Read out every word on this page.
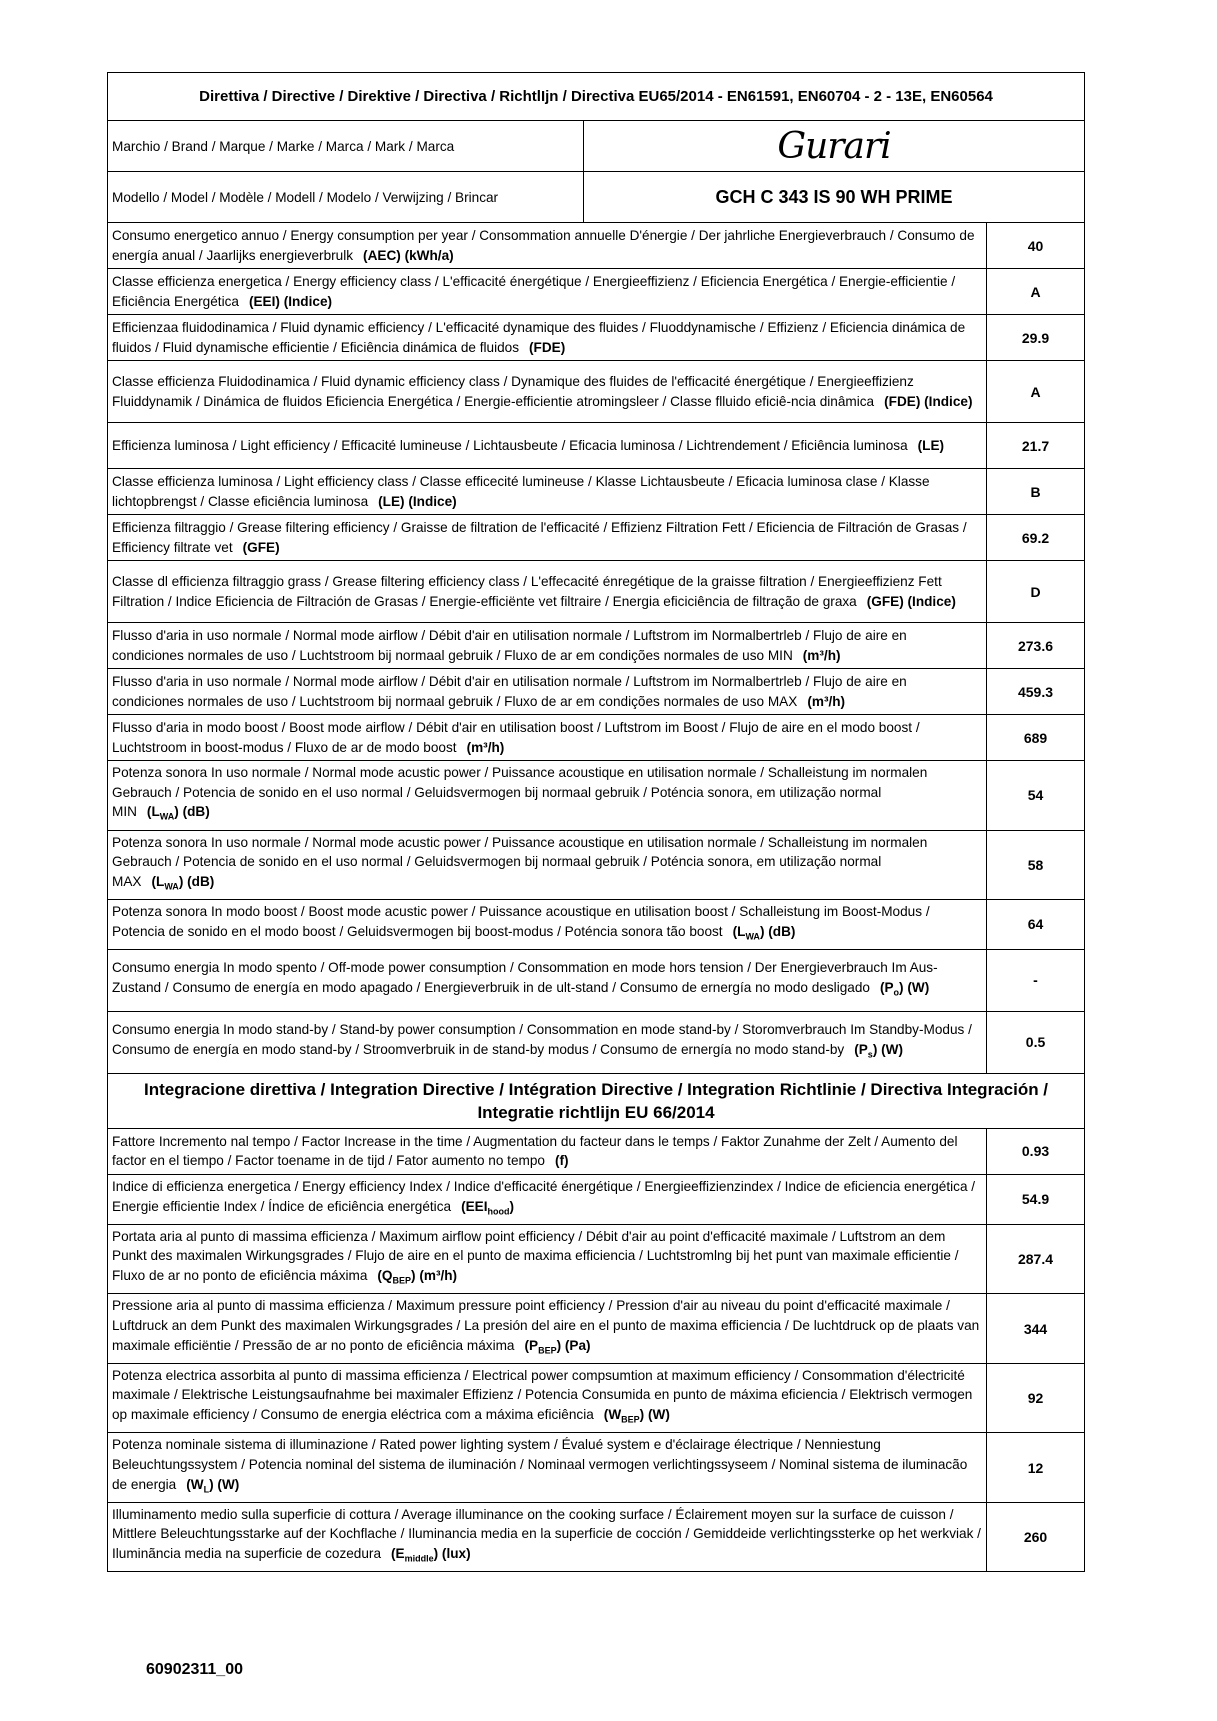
Direttiva / Directive / Direktive / Directiva / RichtlIjn / Directiva EU65/2014 - EN61591, EN60704 - 2 - 13E, EN60564		
Marchio / Brand / Marque / Marke / Marca / Mark / Marca	Gurari	
Modello / Model / Modèle / Modell / Modelo / Verwijzing / Brincar	GCH C 343 IS 90 WH PRIME	
Consumo energetico annuo / Energy consumption per year / Consommation annuelle D'énergie / Der jahrliche Energieverbrauch / Consumo de energía anual / Jaarlijks energieverbrulk (AEC) (kWh/a)		40
Classe efficienza energetica / Energy efficiency class / L'efficacité énergétique / Energieeffizienz / Eficiencia Energética / Energie-efficientie / Eficiência Energética (EEI) (Indice)		A
Efficienzaa fluidodinamica / Fluid dynamic efficiency / L'efficacité dynamique des fluides / Fluoddynamische / Effizienz / Eficiencia dinámica de fluidos / Fluid dynamische efficientie / Eficiência dinámica de fluidos (FDE)		29.9
Classe efficienza Fluidodinamica / Fluid dynamic efficiency class / Dynamique des fluides de l'efficacité énergétique / Energieeffizienz Fluiddynamik / Dinámica de fluidos Eficiencia Energética / Energie-efficientie atromingsleer / Classe flluido eficiê-ncia dinâmica (FDE) (Indice)		A
Efficienza luminosa / Light efficiency / Efficacité lumineuse / Lichtausbeute / Eficacia luminosa / Lichtrendement / Eficiência luminosa (LE)		21.7
Classe efficienza luminosa / Light efficiency class / Classe efficecité lumineuse / Klasse Lichtausbeute / Eficacia luminosa clase / Klasse lichtopbrengst / Classe eficiência luminosa (LE) (Indice)		B
Efficienza filtraggio / Grease filtering efficiency / Graisse de filtration de l'efficacité / Effizienz Filtration Fett / Eficiencia de Filtración de Grasas / Efficiency filtrate vet (GFE)		69.2
Classe dl efficienza filtraggio grass / Grease filtering efficiency class / L'effecacité énregétique de la graisse filtration / Energieeffizienz Fett Filtration / Indice Eficiencia de Filtración de Grasas / Energie-efficiënte vet filtraire / Energia eficiciência de filtração de graxa (GFE) (Indice)		D
Flusso d'aria in uso normale / Normal mode airflow / Débit d'air en utilisation normale / Luftstrom im Normalbertrleb / Flujo de aire en condiciones normales de uso / Luchtstroom bij normaal gebruik / Fluxo de ar em condições normales de uso MIN (m³/h)		273.6
Flusso d'aria in uso normale / Normal mode airflow / Débit d'air en utilisation normale / Luftstrom im Normalbertrleb / Flujo de aire en condiciones normales de uso / Luchtstroom bij normaal gebruik / Fluxo de ar em condições normales de uso MAX (m³/h)		459.3
Flusso d'aria in modo boost / Boost mode airflow / Débit d'air en utilisation boost / Luftstrom im Boost / Flujo de aire en el modo boost / Luchtstroom in boost-modus / Fluxo de ar de modo boost (m³/h)		689
Potenza sonora In uso normale / Normal mode acustic power / Puissance acoustique en utilisation normale / Schalleistung im normalen Gebrauch / Potencia de sonido en el uso normal / Geluidsvermogen bij normaal gebruik / Poténcia sonora, em utilização normal MIN $(L_{WA})$ (dB)		54
Potenza sonora In uso normale / Normal mode acustic power / Puissance acoustique en utilisation normale / Schalleistung im normalen Gebrauch / Potencia de sonido en el uso normal / Geluidsvermogen bij normaal gebruik / Poténcia sonora, em utilização normal MAX $(L_{WA})$ (dB)		58
Potenza sonora In modo boost / Boost mode acustic power / Puissance acoustique en utilisation boost / Schalleistung im Boost-Modus / Potencia de sonido en el modo boost / Geluidsvermogen bij boost-modus / Poténcia sonora tão boost $(L_{WA})$ (dB)		64
Consumo energia In modo spento / Off-mode power consumption / Consommation en mode hors tension / Der Energieverbrauch Im Aus-Zustand / Consumo de energía en modo apagado / Energieverbruik in de ult-stand / Consumo de ernergía no modo desligado $(P_o)$ (W)		-
Consumo energia In modo stand-by / Stand-by power consumption / Consommation en mode stand-by / Storomverbrauch Im Standby-Modus / Consumo de energía en modo stand-by / Stroomverbruik in de stand-by modus / Consumo de ernergía no modo stand-by $(P_s)$ (W)		0.5
Integracione direttiva / Integration Directive / Intégration Directive / Integration Richtlinie / Directiva Integración / Integratie richtlijn EU 66/2014		
Fattore Incremento nal tempo / Factor Increase in the time / Augmentation du facteur dans le temps / Faktor Zunahme der Zelt / Aumento del factor en el tiempo / Factor toename in de tijd / Fator aumento no tempo (f)		0.93
Indice di efficienza energetica / Energy efficiency Index / Indice d'efficacité énergétique / Energieeffizienzindex / Indice de eficiencia energética / Energie efficientie Index / Índice de eficiência energética $(EEI_{hood})$		54.9
Portata aria al punto di massima efficienza / Maximum airflow point efficiency / Débit d'air au point d'efficacité maximale / Luftstrom an dem Punkt des maximalen Wirkungsgrades / Flujo de aire en el punto de maxima efficiencia / Luchtstromlng bij het punt van maximale efficientie / Fluxo de ar no ponto de eficiência máxima $(Q_{BEP})$ (m³/h)		287.4
Pressione aria al punto di massima efficienza / Maximum pressure point efficiency / Pression d'air au niveau du point d'efficacité maximale / Luftdruck an dem Punkt des maximalen Wirkungsgrades / La presión del aire en el punto de maxima efficiencia / De luchtdruck op de plaats van maximale efficiëntie / Pressão de ar no ponto de eficiência máxima $(P_{BEP})$ (Pa)		344
Potenza electrica assorbita al punto di massima efficienza / Electrical power compsumtion at maximum efficiency / Consommation d'électricité maximale / Elektrische Leistungsaufnahme bei maximaler Effizienz / Potencia Consumida en punto de máxima eficiencia / Elektrisch vermogen op maximale efficiency / Consumo de energia eléctrica com a máxima eficiência $(W_{BEP})$ (W)		92
Potenza nominale sistema di illuminazione / Rated power lighting system / Évalué system e d'éclairage électrique / Nenniestung Beleuchtungssystem / Potencia nominal del sistema de iluminación / Nominaal vermogen verlichtingssyseem / Nominal sistema de iluminacão de energia $(W_L)$ (W)		12
Illuminamento medio sulla superficie di cottura / Average illuminance on the cooking surface / Éclairement moyen sur la surface de cuisson / Mittlere Beleuchtungsstarke auf der Kochflache / Iluminancia media en la superficie de cocción / Gemiddeide verlichtingssterke op het werkviak / Iluminãncia media na superficie de cozedura $(E_{middle})$ (lux)		260
60902311_00
